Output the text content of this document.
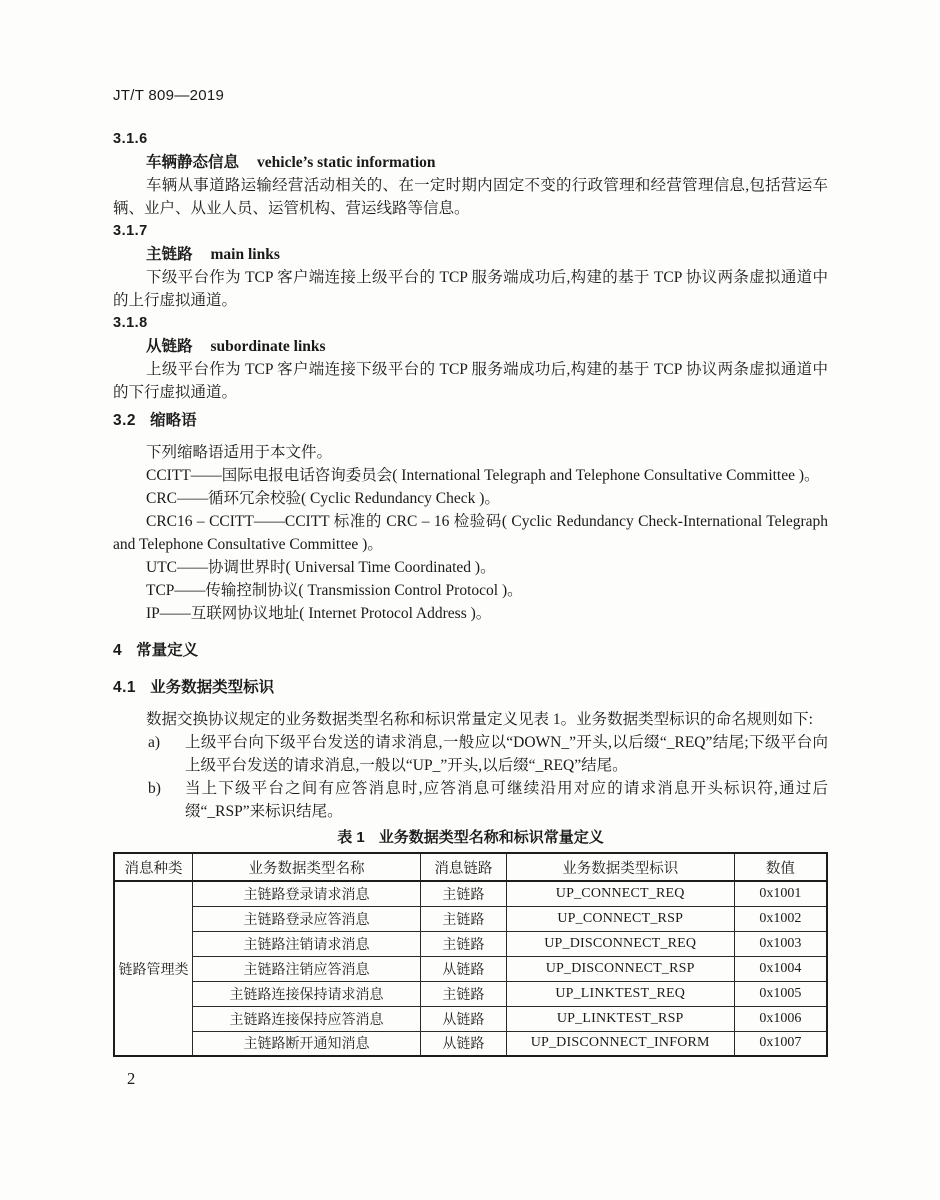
JT/T 809—2019
3.1.6
车辆静态信息 vehicle’s static information

车辆从事道路运输经营活动相关的、在一定时期内固定不变的行政管理和经营管理信息,包括营运车辆、业户、从业人员、运管机构、营运线路等信息。

3.1.7
主链路 main links

下级平台作为 TCP 客户端连接上级平台的 TCP 服务端成功后,构建的基于 TCP 协议两条虚拟通道中的上行虚拟通道。

3.1.8
从链路 subordinate links

上级平台作为 TCP 客户端连接下级平台的 TCP 服务端成功后,构建的基于 TCP 协议两条虚拟通道中的下行虚拟通道。

3.2 缩略语

下列缩略语适用于本文件。

CCITT——国际电报电话咨询委员会( International Telegraph and Telephone Consultative Committee )。

CRC——循环冗余校验( Cyclic Redundancy Check )。

CRC16 – CCITT——CCITT 标准的 CRC – 16 检验码( Cyclic Redundancy Check-International Telegraph and Telephone Consultative Committee )。

UTC——协调世界时( Universal Time Coordinated )。

TCP——传输控制协议( Transmission Control Protocol )。

IP——互联网协议地址( Internet Protocol Address )。

4 常量定义
4.1 业务数据类型标识

数据交换协议规定的业务数据类型名称和标识常量定义见表 1。业务数据类型标识的命名规则如下:

a)	上级平台向下级平台发送的请求消息,一般应以“DOWN_”开头,以后缀“_REQ”结尾;下级平台向上级平台发送的请求消息,一般以“UP_”开头,以后缀“_REQ”结尾。
b)	当上下级平台之间有应答消息时,应答消息可继续沿用对应的请求消息开头标识符,通过后缀“_RSP”来标识结尾。
表 1 业务数据类型名称和标识常量定义
消息种类	业务数据类型名称	消息链路	业务数据类型标识	数值
链路管理类	主链路登录请求消息	主链路	UP_CONNECT_REQ	0x1001
	主链路登录应答消息	主链路	UP_CONNECT_RSP	0x1002
	主链路注销请求消息	主链路	UP_DISCONNECT_REQ	0x1003
	主链路注销应答消息	从链路	UP_DISCONNECT_RSP	0x1004
	主链路连接保持请求消息	主链路	UP_LINKTEST_REQ	0x1005
	主链路连接保持应答消息	从链路	UP_LINKTEST_RSP	0x1006
	主链路断开通知消息	从链路	UP_DISCONNECT_INFORM	0x1007
2
